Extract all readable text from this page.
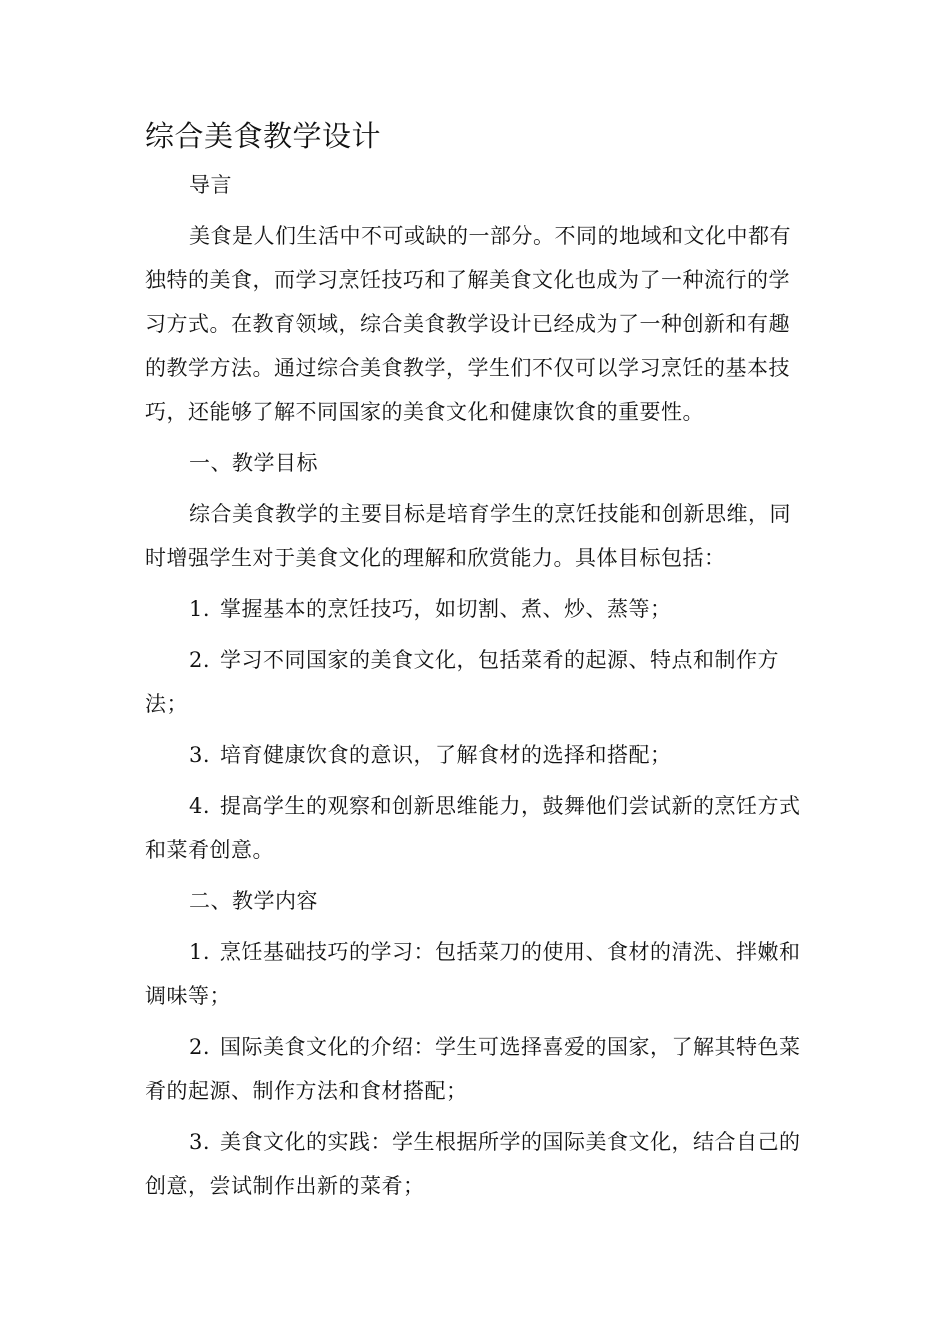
综合美食教学设计

导言

美食是人们生活中不可或缺的一部分。不同的地域和文化中都有独特的美食，而学习烹饪技巧和了解美食文化也成为了一种流行的学习方式。在教育领域，综合美食教学设计已经成为了一种创新和有趣的教学方法。通过综合美食教学，学生们不仅可以学习烹饪的基本技巧，还能够了解不同国家的美食文化和健康饮食的重要性。

一、教学目标

综合美食教学的主要目标是培育学生的烹饪技能和创新思维，同时增强学生对于美食文化的理解和欣赏能力。具体目标包括：

1. 掌握基本的烹饪技巧，如切割、煮、炒、蒸等；

2. 学习不同国家的美食文化，包括菜肴的起源、特点和制作方法；

3. 培育健康饮食的意识，了解食材的选择和搭配；

4. 提高学生的观察和创新思维能力，鼓舞他们尝试新的烹饪方式和菜肴创意。

二、教学内容

1. 烹饪基础技巧的学习：包括菜刀的使用、食材的清洗、拌嫩和调味等；

2. 国际美食文化的介绍：学生可选择喜爱的国家，了解其特色菜肴的起源、制作方法和食材搭配；

3. 美食文化的实践：学生根据所学的国际美食文化，结合自己的创意，尝试制作出新的菜肴；
